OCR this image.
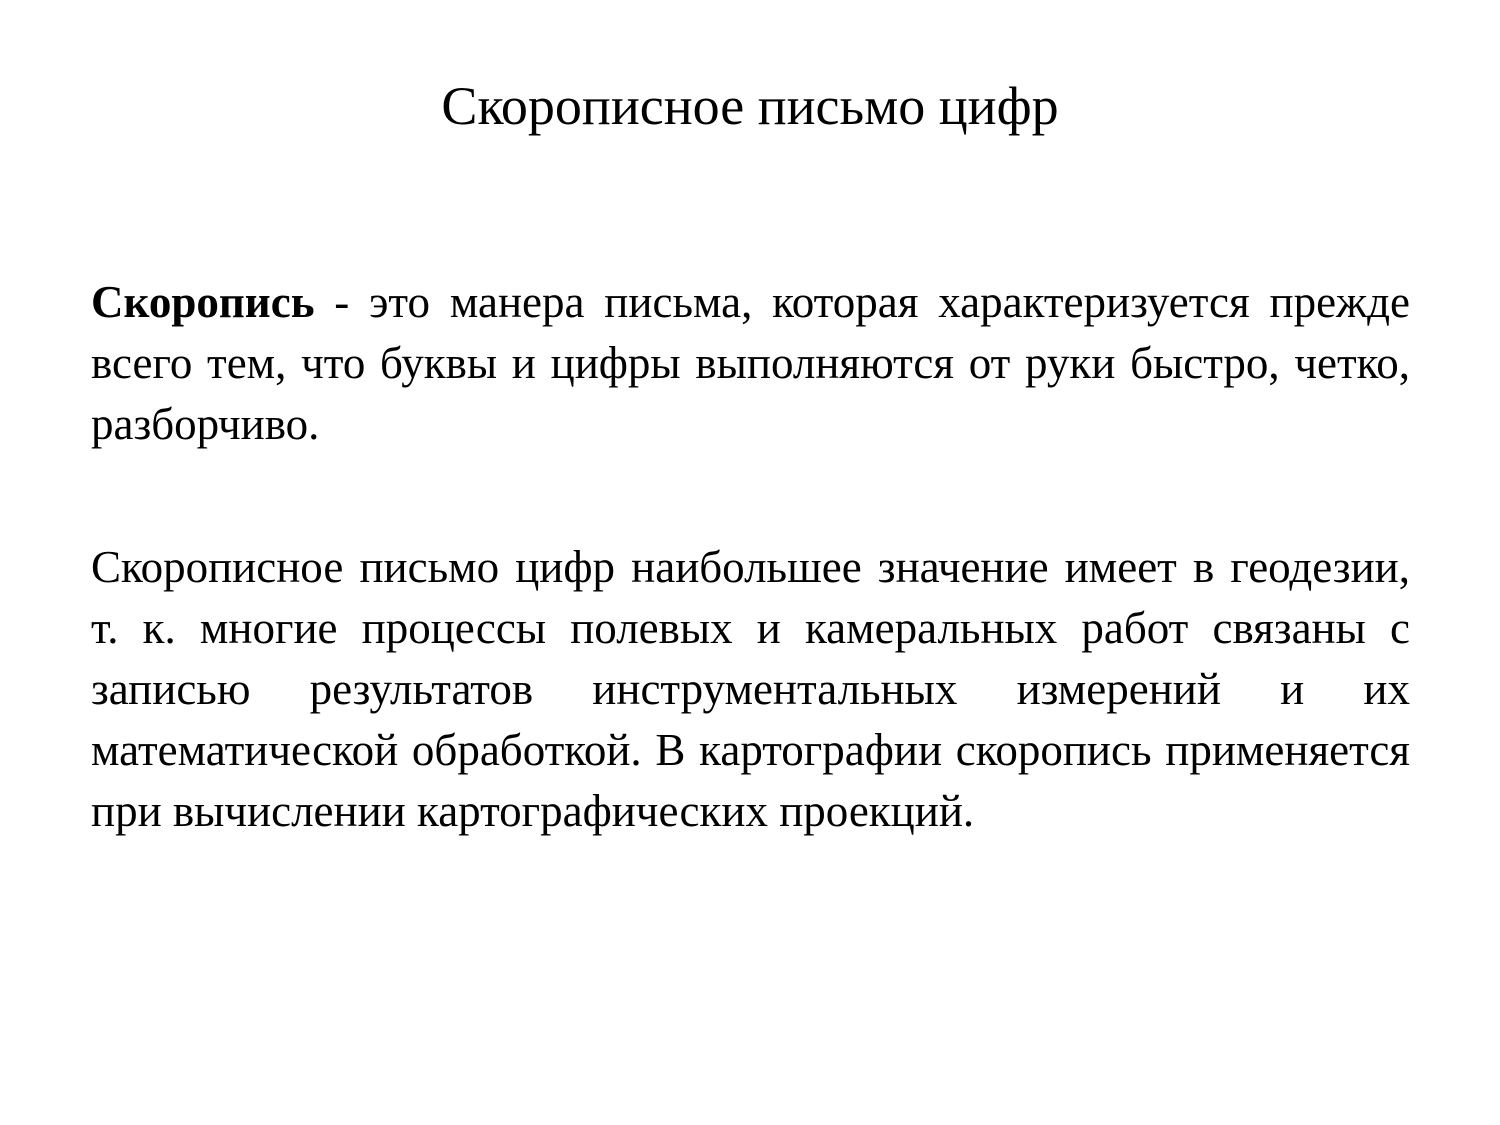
Скорописное письмо цифр

Скоропись - это манера письма, которая характеризуется прежде всего тем, что буквы и цифры выполняются от руки быстро, четко, разборчиво.

Скорописное письмо цифр наибольшее значение имеет в геодезии, т. к. многие процессы полевых и камеральных работ связаны с записью результатов инструментальных измерений и их математической обработкой. В картографии скоропись применяется при вычислении картографических проекций.
